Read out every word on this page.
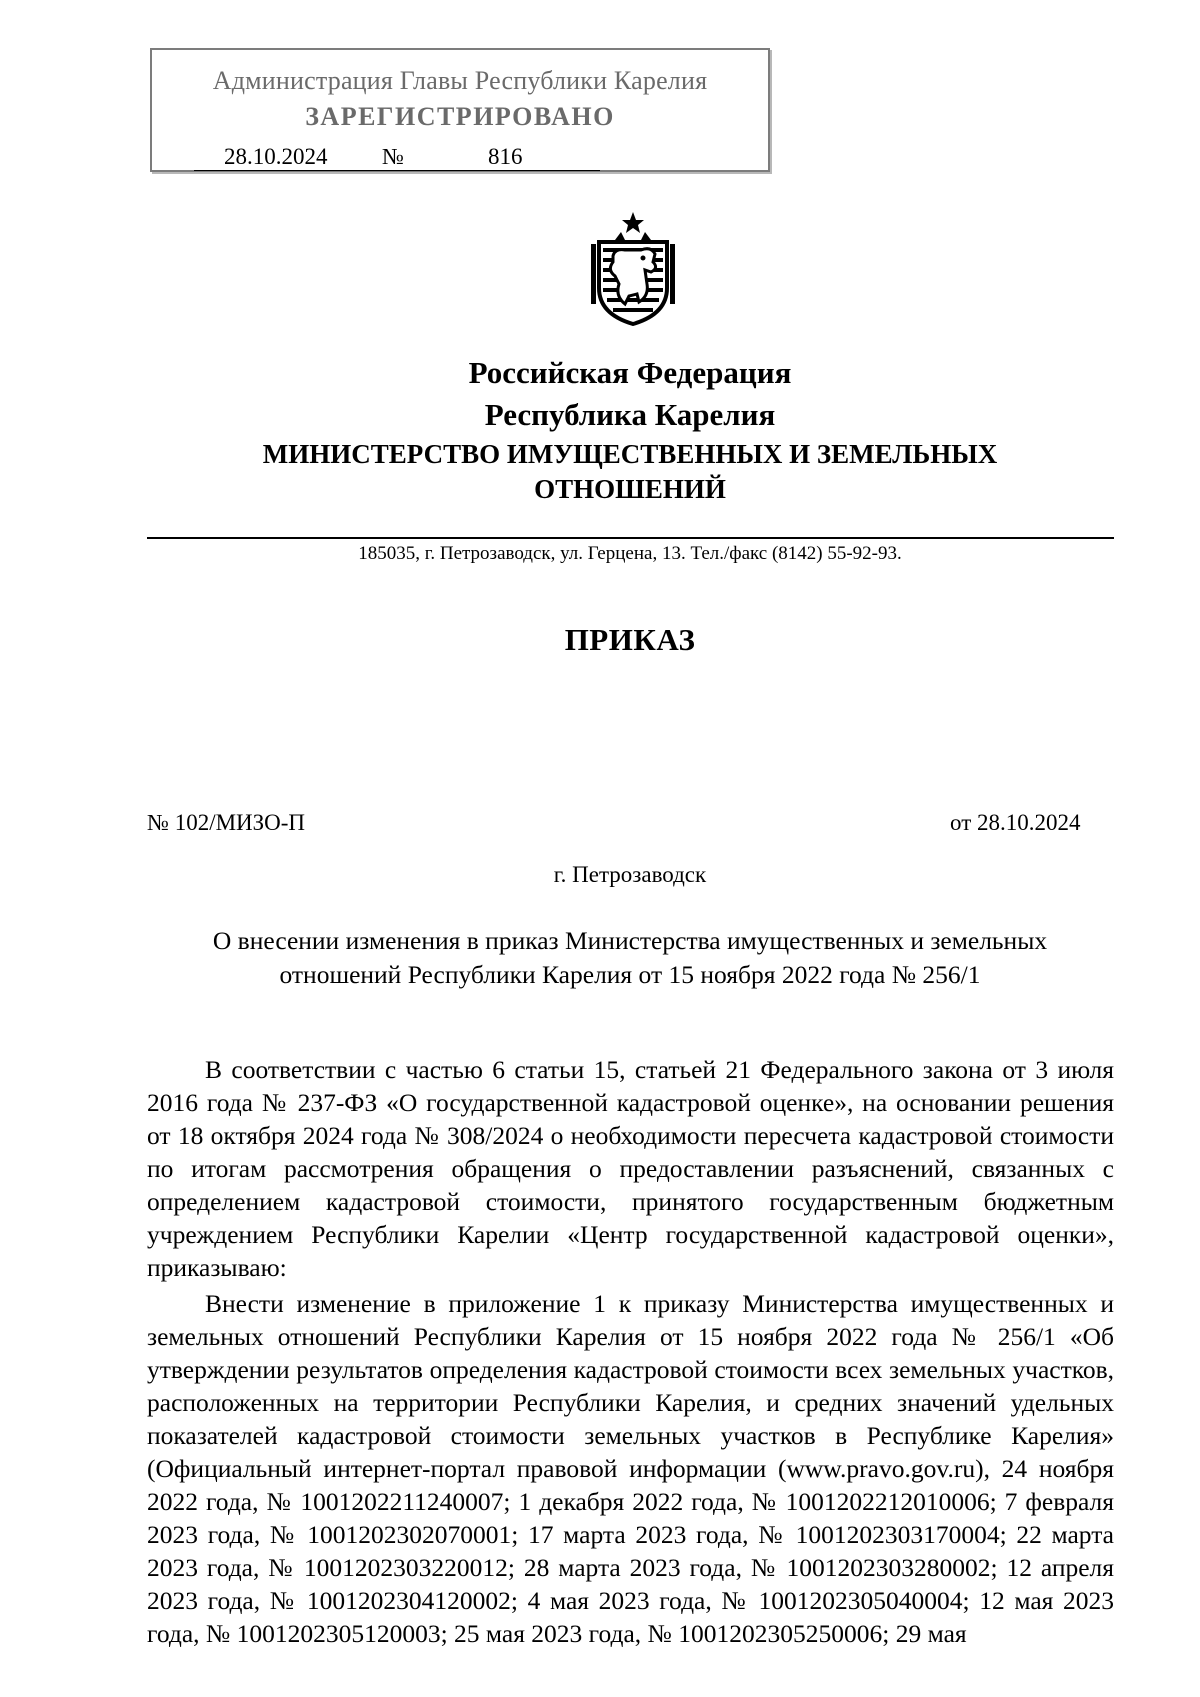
Администрация Главы Республики Карелия
ЗАРЕГИСТРИРОВАНО
28.10.2024 №	816
Российская Федерация
Республика Карелия
МИНИСТЕРСТВО ИМУЩЕСТВЕННЫХ И ЗЕМЕЛЬНЫХ
ОТНОШЕНИЙ
185035, г. Петрозаводск, ул. Герцена, 13. Тел./факс (8142) 55-92-93.
ПРИКАЗ
№ 102/МИЗО-П	от 28.10.2024
г. Петрозаводск
О внесении изменения в приказ Министерства имущественных и земельных отношений Республики Карелия от 15 ноября 2022 года № 256/1

В соответствии с частью 6 статьи 15, статьей 21 Федерального закона от 3 июля 2016 года № 237-ФЗ «О государственной кадастровой оценке», на основании решения от 18 октября 2024 года № 308/2024 о необходимости пересчета кадастровой стоимости по итогам рассмотрения обращения о предоставлении разъяснений, связанных с определением кадастровой стоимости, принятого государственным бюджетным учреждением Республики Карелии «Центр государственной кадастровой оценки», приказываю:

Внести изменение в приложение 1 к приказу Министерства имущественных и земельных отношений Республики Карелия от 15 ноября 2022 года № 256/1 «Об утверждении результатов определения кадастровой стоимости всех земельных участков, расположенных на территории Республики Карелия, и средних значений удельных показателей кадастровой стоимости земельных участков в Республике Карелия» (Официальный интернет-портал правовой информации (www.pravo.gov.ru), 24 ноября 2022 года, № 1001202211240007; 1 декабря 2022 года, № 1001202212010006; 7 февраля 2023 года, № 1001202302070001; 17 марта 2023 года, № 1001202303170004; 22 марта 2023 года, № 1001202303220012; 28 марта 2023 года, № 1001202303280002; 12 апреля 2023 года, № 1001202304120002; 4 мая 2023 года, № 1001202305040004; 12 мая 2023 года, № 1001202305120003; 25 мая 2023 года, № 1001202305250006; 29 мая
